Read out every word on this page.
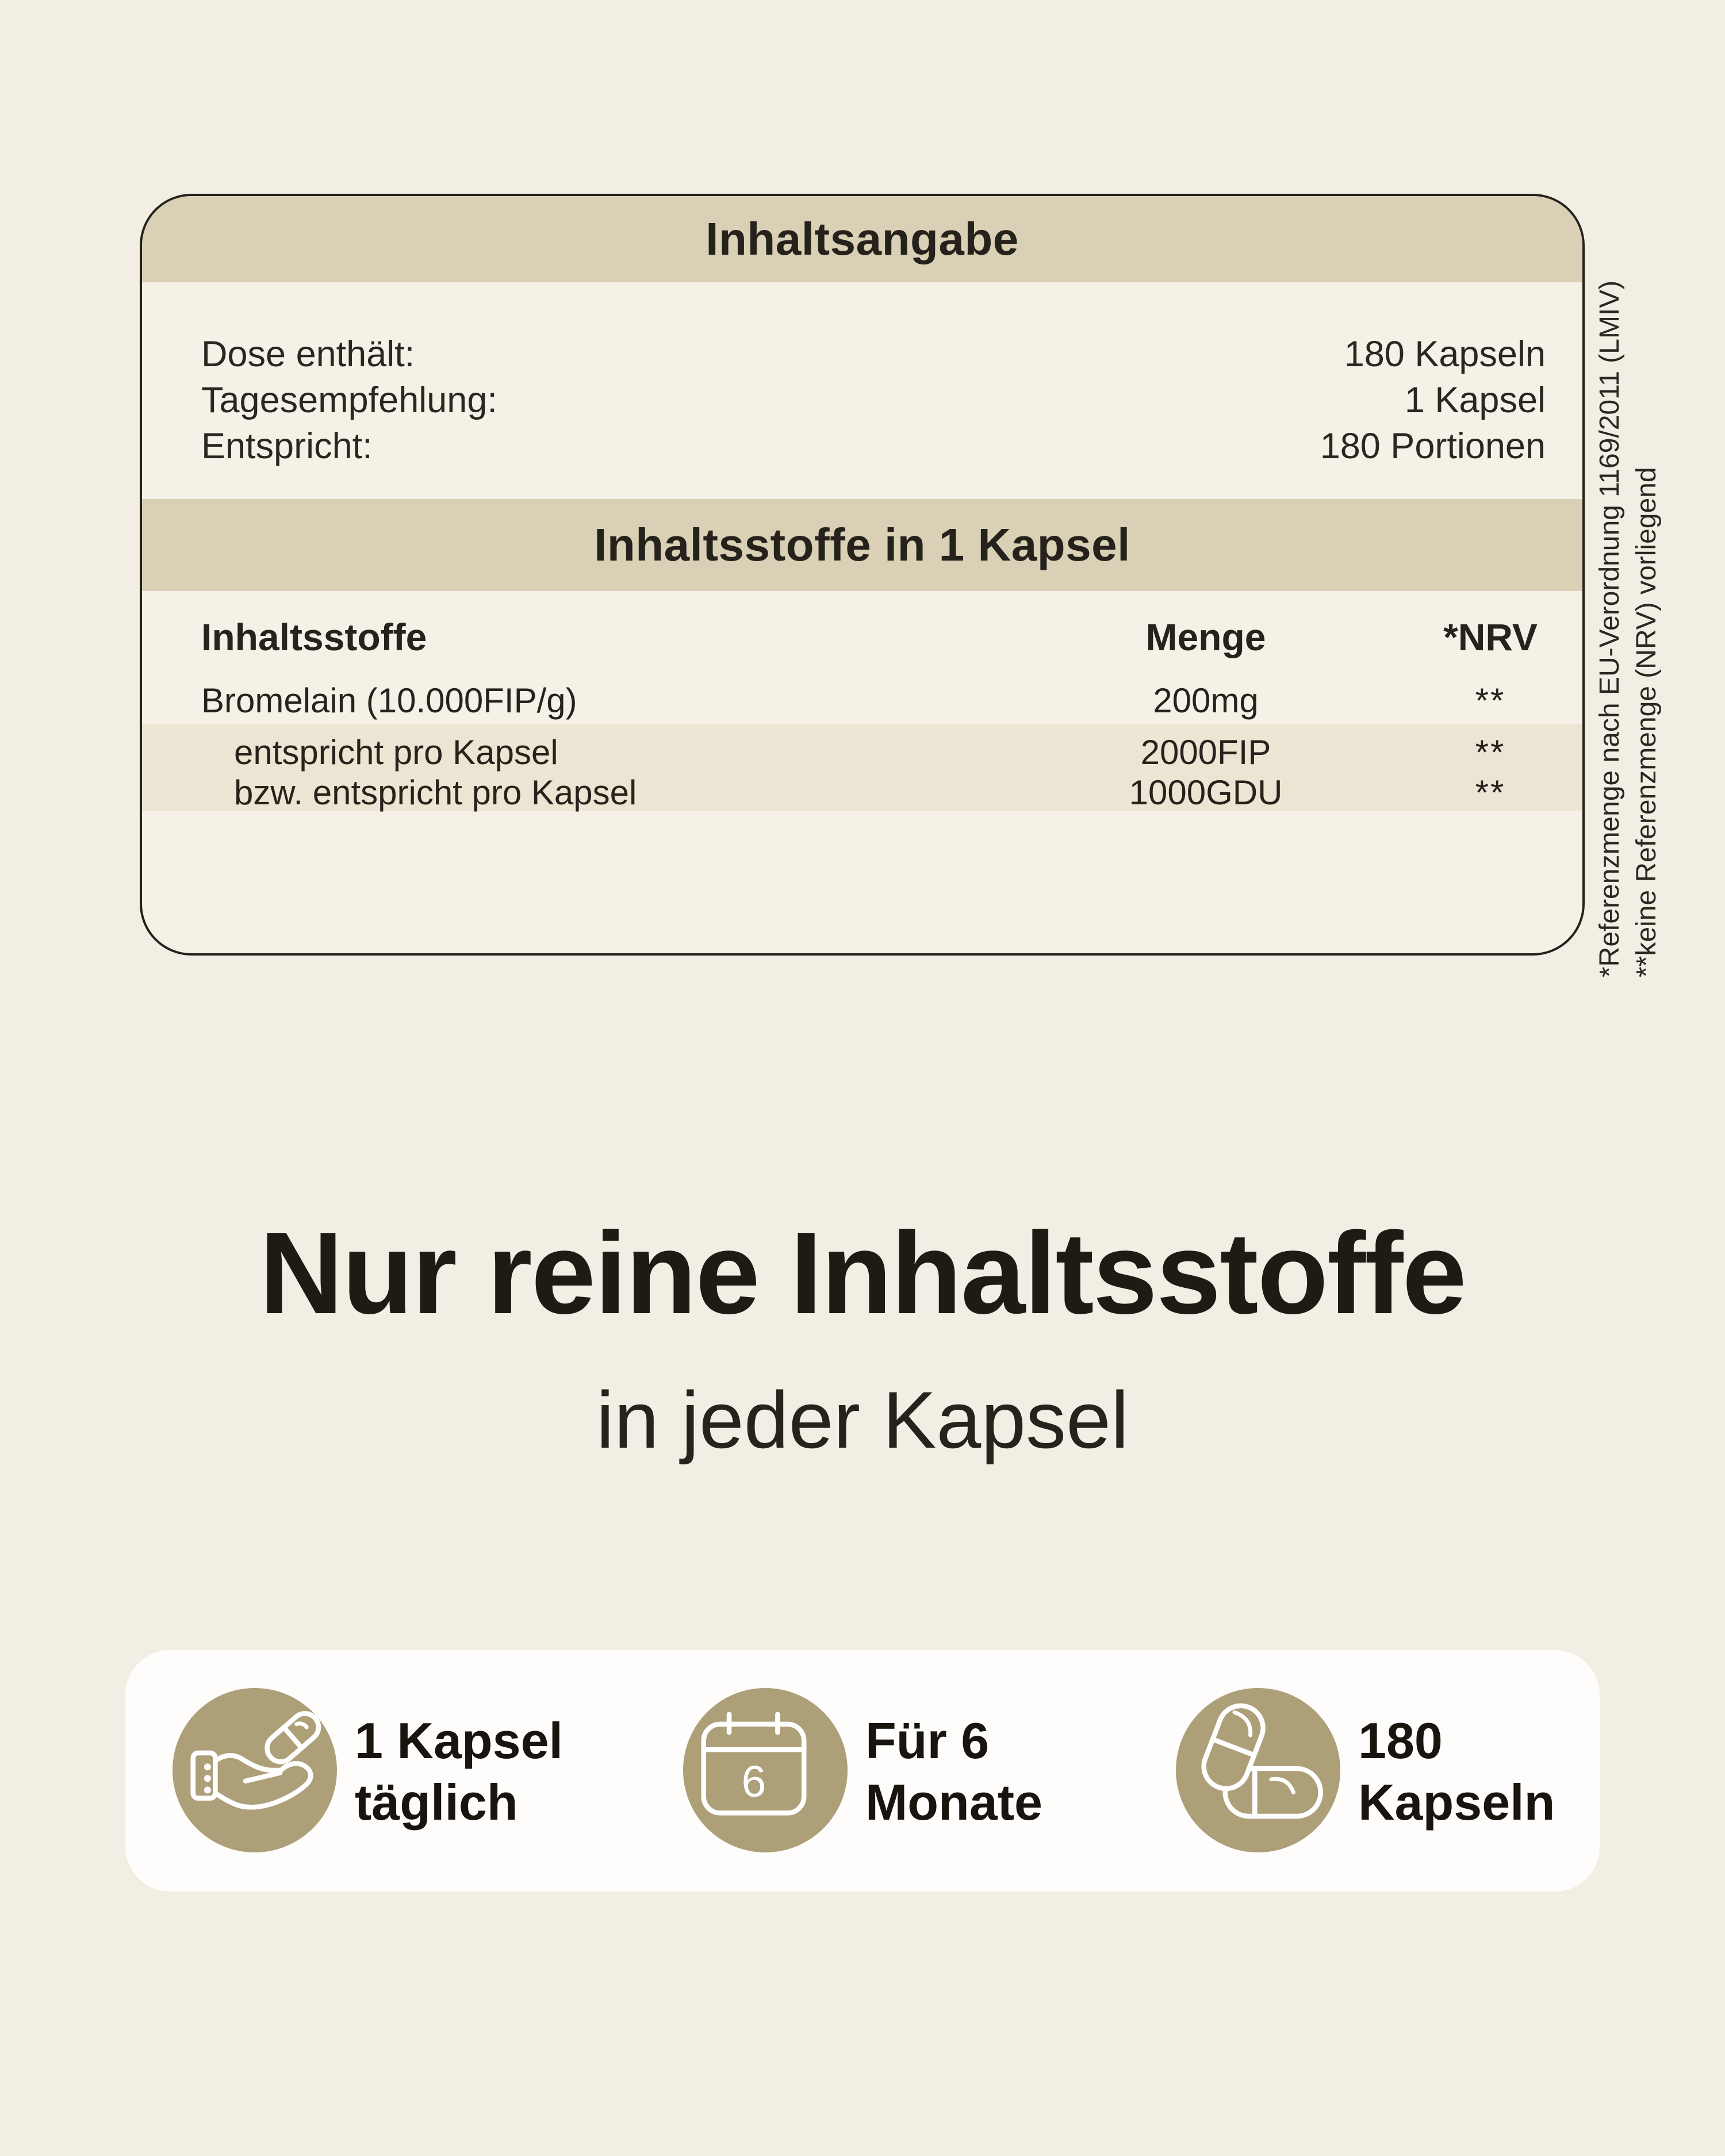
Inhaltsangabe
Dose enthält:	180 Kapseln
Tagesempfehlung:	1 Kapsel
Entspricht:	180 Portionen
Inhaltsstoffe in 1 Kapsel
Inhaltsstoffe	Menge	*NRV
Bromelain (10.000FIP/g)	200mg	**
entspricht pro Kapsel	2000FIP	**
bzw. entspricht pro Kapsel	1000GDU	**	*Referenzmenge nach EU-Verordnung 1169/2011 (LMIV) **keine Referenzmenge (NRV) vorliegend
Nur reine Inhaltsstoffe
in jeder Kapsel
1 Kapsel
täglich	6
Für 6
Monate
180
Kapseln
